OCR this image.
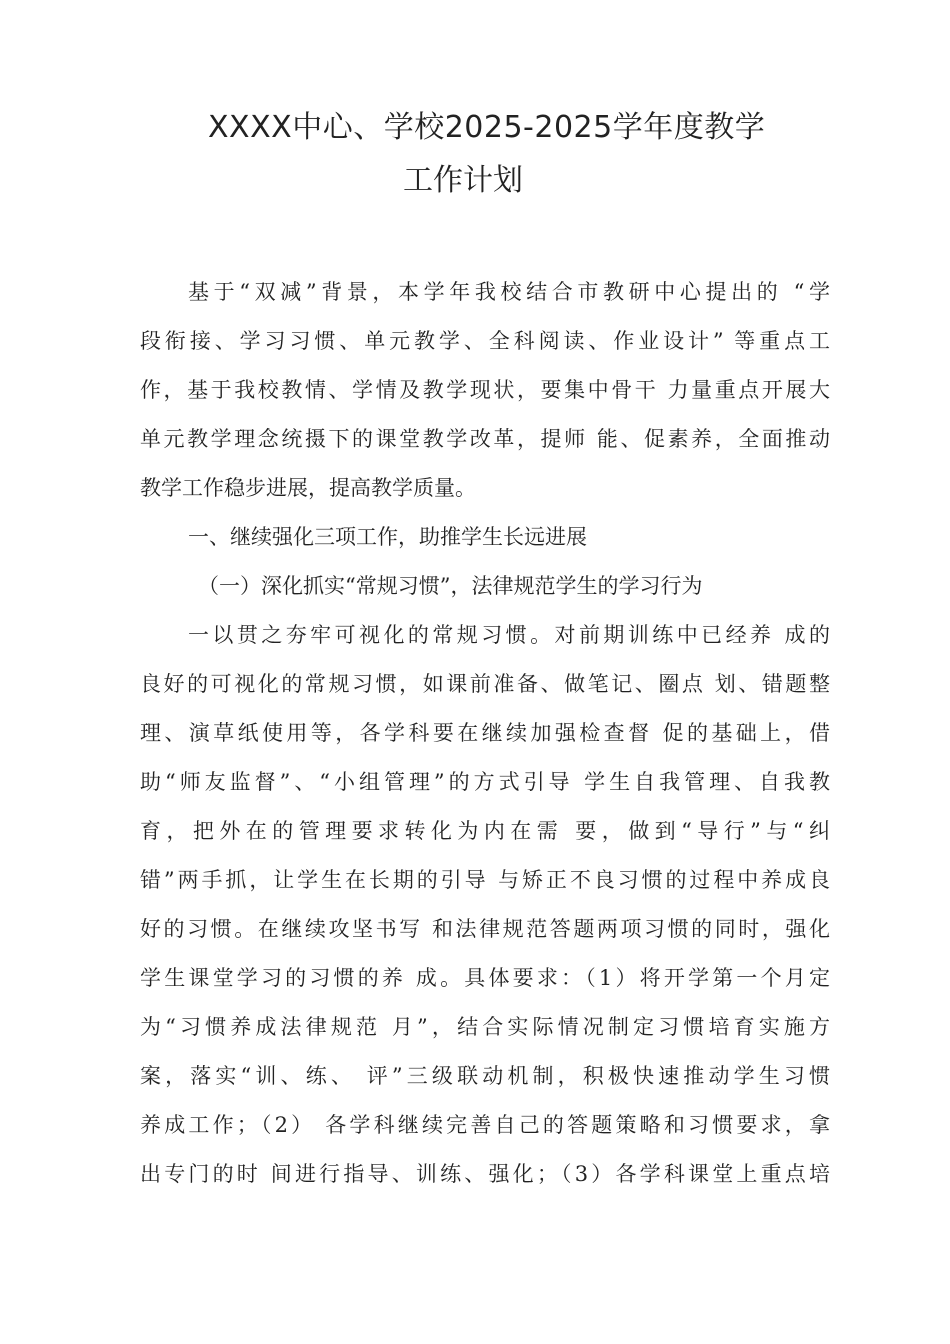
XXXX中心、学校2025-2025学年度教学
工作计划
基于“双减”背景，本学年我校结合市教研中心提出的 “学
段衔接、学习习惯、单元教学、全科阅读、作业设计” 等重点工
作，基于我校教情、学情及教学现状，要集中骨干 力量重点开展大
单元教学理念统摄下的课堂教学改革，提师 能、促素养，全面推动
教学工作稳步进展，提高教学质量。
一、继续强化三项工作，助推学生长远进展
（一）深化抓实“常规习惯”，法律规范学生的学习行为
一以贯之夯牢可视化的常规习惯。对前期训练中已经养 成的
良好的可视化的常规习惯，如课前准备、做笔记、圈点 划、错题整
理、演草纸使用等，各学科要在继续加强检查督 促的基础上，借
助“师友监督”、“小组管理”的方式引导 学生自我管理、自我教
育，把外在的管理要求转化为内在需 要，做到“导行”与“纠
错”两手抓，让学生在长期的引导 与矫正不良习惯的过程中养成良
好的习惯。在继续攻坚书写 和法律规范答题两项习惯的同时，强化
学生课堂学习的习惯的养 成。具体要求：（1）将开学第一个月定
为“习惯养成法律规范 月”，结合实际情况制定习惯培育实施方
案，落实“训、练、 评”三级联动机制，积极快速推动学生习惯
养成工作；（2） 各学科继续完善自己的答题策略和习惯要求，拿
出专门的时 间进行指导、训练、强化；（3）各学科课堂上重点培
